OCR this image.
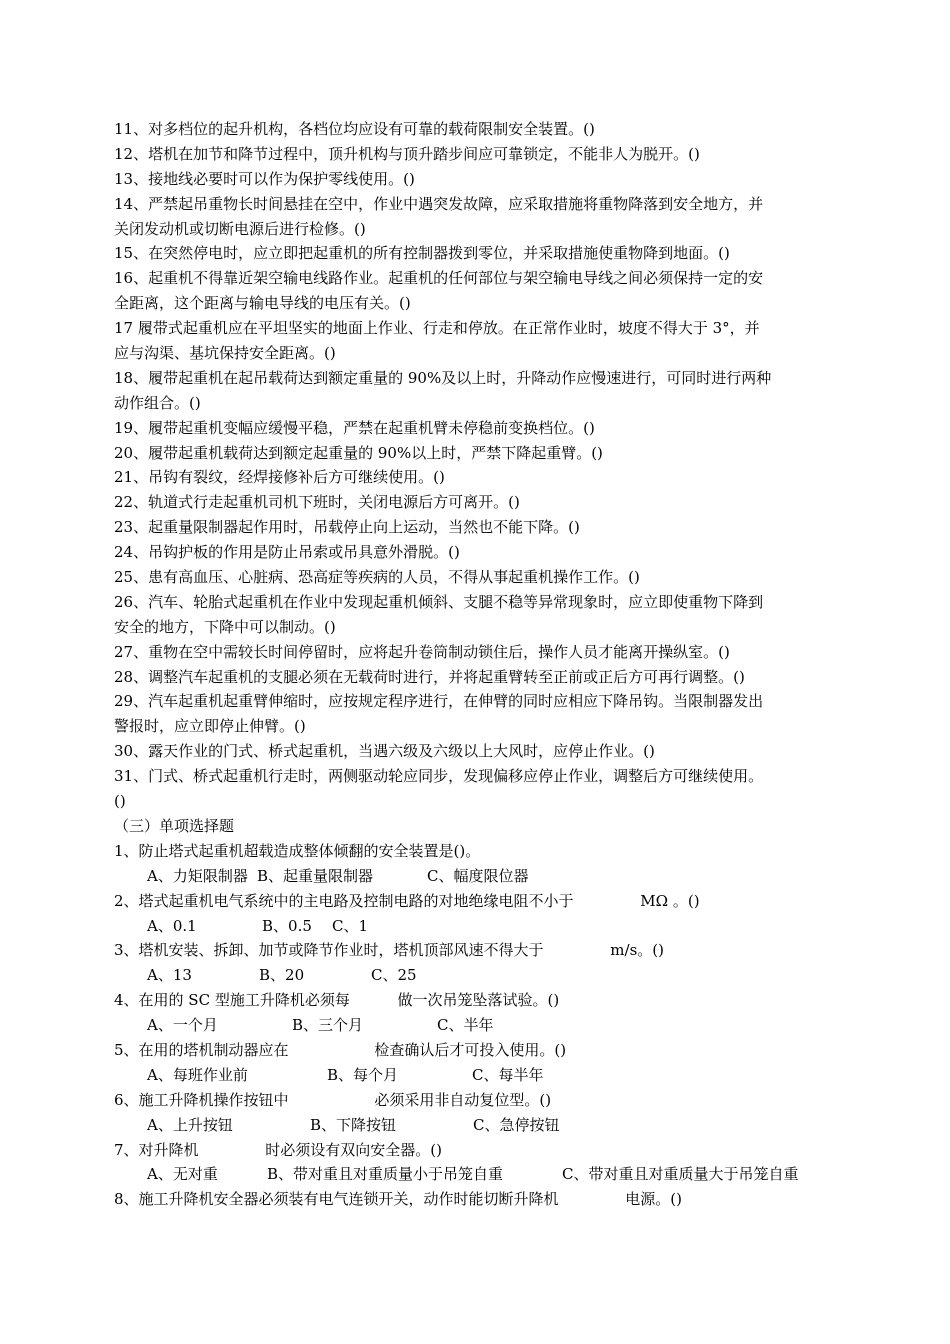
11、对多档位的起升机构，各档位均应设有可靠的载荷限制安全装置。()
12、塔机在加节和降节过程中，顶升机构与顶升踏步间应可靠锁定，不能非人为脱开。()
13、接地线必要时可以作为保护零线使用。()
14、严禁起吊重物长时间悬挂在空中，作业中遇突发故障，应采取措施将重物降落到安全地方，并
关闭发动机或切断电源后进行检修。()
15、在突然停电时，应立即把起重机的所有控制器拨到零位，并采取措施使重物降到地面。()
16、起重机不得靠近架空输电线路作业。起重机的任何部位与架空输电导线之间必须保持一定的安
全距离，这个距离与输电导线的电压有关。()
17 履带式起重机应在平坦坚实的地面上作业、行走和停放。在正常作业时，坡度不得大于 3°，并
应与沟渠、基坑保持安全距离。()
18、履带起重机在起吊载荷达到额定重量的 90%及以上时，升降动作应慢速进行，可同时进行两种
动作组合。()
19、履带起重机变幅应缓慢平稳，严禁在起重机臂未停稳前变换档位。()
20、履带起重机载荷达到额定起重量的 90%以上时，严禁下降起重臂。()
21、吊钩有裂纹，经焊接修补后方可继续使用。()
22、轨道式行走起重机司机下班时，关闭电源后方可离开。()
23、起重量限制器起作用时，吊载停止向上运动，当然也不能下降。()
24、吊钩护板的作用是防止吊索或吊具意外滑脱。()
25、患有高血压、心脏病、恐高症等疾病的人员，不得从事起重机操作工作。()
26、汽车、轮胎式起重机在作业中发现起重机倾斜、支腿不稳等异常现象时，应立即使重物下降到
安全的地方，下降中可以制动。()
27、重物在空中需较长时间停留时，应将起升卷筒制动锁住后，操作人员才能离开操纵室。()
28、调整汽车起重机的支腿必须在无载荷时进行，并将起重臂转至正前或正后方可再行调整。()
29、汽车起重机起重臂伸缩时，应按规定程序进行，在伸臂的同时应相应下降吊钩。当限制器发出
警报时，应立即停止伸臂。()
30、露天作业的门式、桥式起重机，当遇六级及六级以上大风时，应停止作业。()
31、门式、桥式起重机行走时，两侧驱动轮应同步，发现偏移应停止作业，调整后方可继续使用。
()
（三）单项选择题
1、防止塔式起重机超载造成整体倾翻的安全装置是()。
A、力矩限制器 B、起重量限制器	C、幅度限位器
2、塔式起重机电气系统中的主电路及控制电路的对地绝缘电阻不小于              MΩ 。()
A、0.1	B、0.5 C、1
3、塔机安装、拆卸、加节或降节作业时，塔机顶部风速不得大于              m/s。()
A、13	B、20	C、25
4、在用的 SC 型施工升降机必须每          做一次吊笼坠落试验。()
A、一个月	B、三个月	C、半年
5、在用的塔机制动器应在                  检查确认后才可投入使用。()
A、每班作业前	B、每个月	C、每半年
6、施工升降机操作按钮中                  必须采用非自动复位型。()
A、上升按钮	B、下降按钮	C、急停按钮
7、对升降机              时必须设有双向安全器。()
A、无对重	B、带对重且对重质量小于吊笼自重	C、带对重且对重质量大于吊笼自重
8、施工升降机安全器必须装有电气连锁开关，动作时能切断升降机              电源。()
